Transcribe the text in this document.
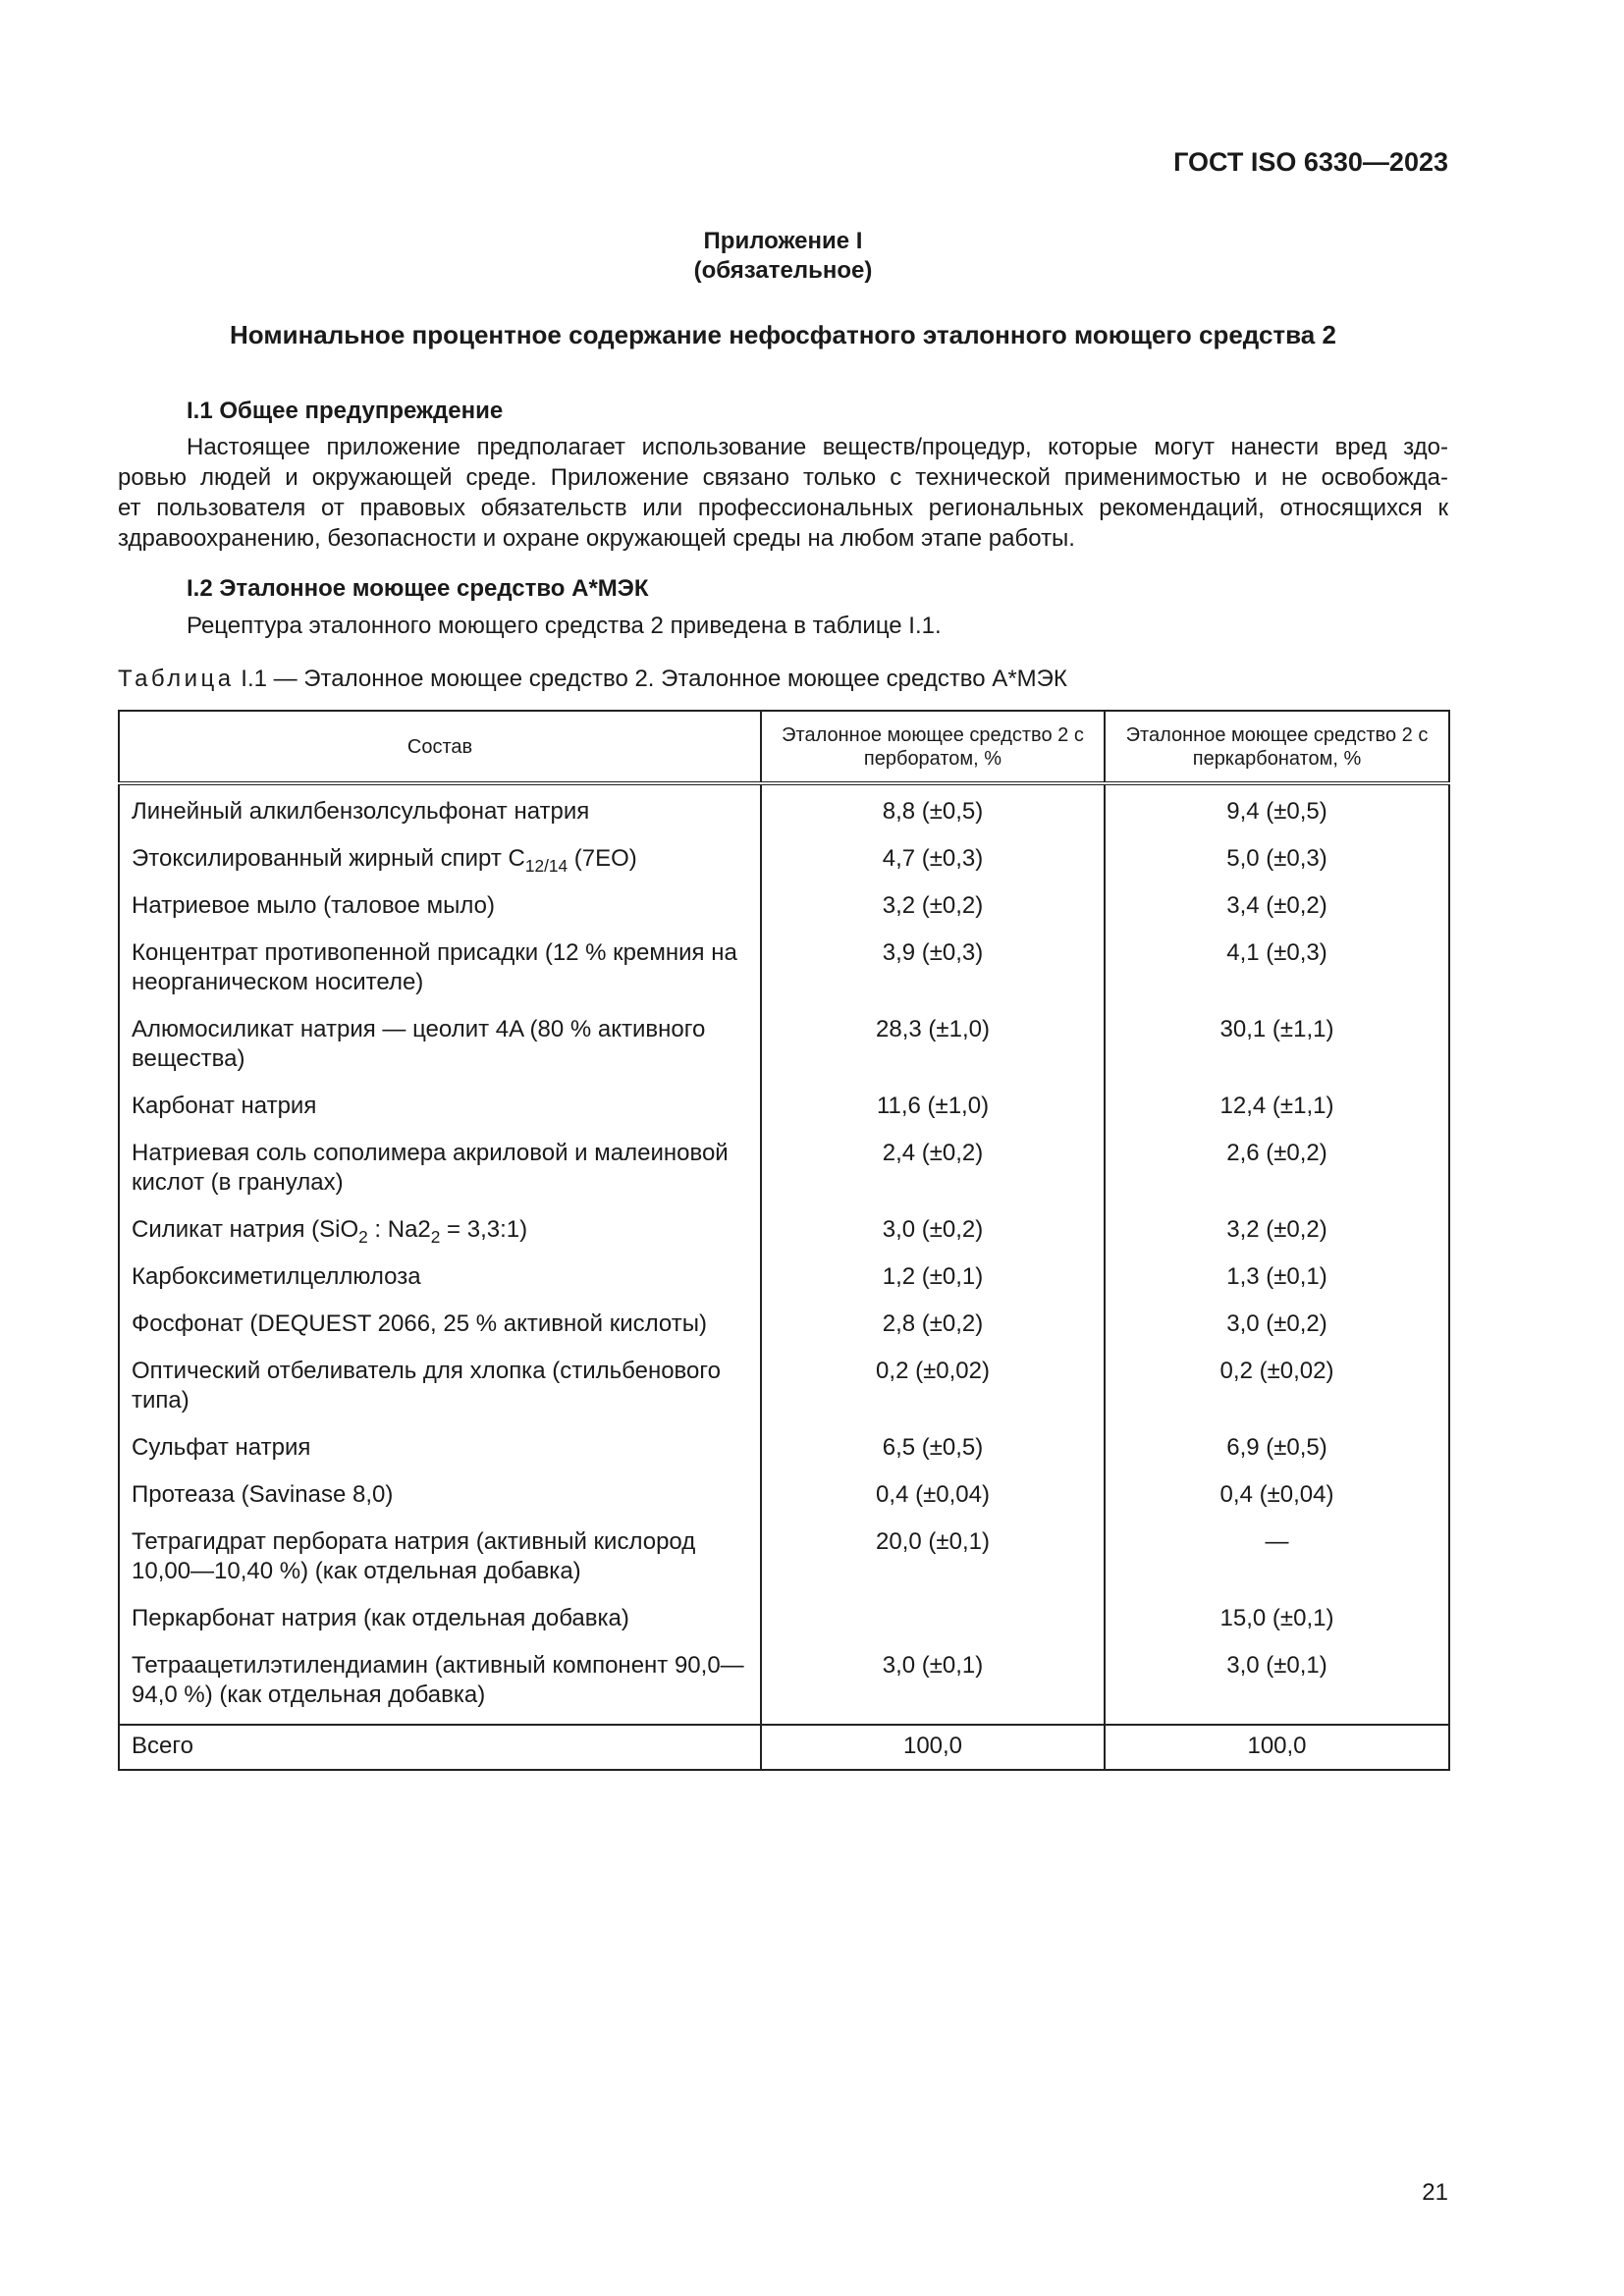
ГОСТ ISO 6330—2023
Приложение I
(обязательное)
Номинальное процентное содержание нефосфатного эталонного моющего средства 2
I.1 Общее предупреждение
Настоящее приложение предполагает использование веществ/процедур, которые могут нанести вред здо-
ровью людей и окружающей среде. Приложение связано только с технической применимостью и не освобожда-
ет пользователя от правовых обязательств или профессиональных региональных рекомендаций, относящихся к
здравоохранению, безопасности и охране окружающей среды на любом этапе работы.
I.2 Эталонное моющее средство A*МЭК
Рецептура эталонного моющего средства 2 приведена в таблице I.1.
Таблица I.1 — Эталонное моющее средство 2. Эталонное моющее средство A*МЭК
Состав	Эталонное моющее средство 2 с перборатом, %	Эталонное моющее средство 2 с перкарбонатом, %
Линейный алкилбензолсульфонат натрия	8,8 (±0,5)	9,4 (±0,5)
Этоксилированный жирный спирт $C_{12/14}$ (7EO)	4,7 (±0,3)	5,0 (±0,3)
Натриевое мыло (таловое мыло)	3,2 (±0,2)	3,4 (±0,2)
Концентрат противопенной присадки (12 % кремния на неорганическом носителе)	3,9 (±0,3)	4,1 (±0,3)
Алюмосиликат натрия — цеолит 4A (80 % активного вещества)	28,3 (±1,0)	30,1 (±1,1)
Карбонат натрия	11,6 (±1,0)	12,4 (±1,1)
Натриевая соль сополимера акриловой и малеиновой кислот (в гранулах)	2,4 (±0,2)	2,6 (±0,2)
Силикат натрия (SiO$_2$ : $Na2_2$ = 3,3:1)	3,0 (±0,2)	3,2 (±0,2)
Карбоксиметилцеллюлоза	1,2 (±0,1)	1,3 (±0,1)
Фосфонат (DEQUEST 2066, 25 % активной кислоты)	2,8 (±0,2)	3,0 (±0,2)
Оптический отбеливатель для хлопка (стильбенового типа)	0,2 (±0,02)	0,2 (±0,02)
Сульфат натрия	6,5 (±0,5)	6,9 (±0,5)
Протеаза (Savinase 8,0)	0,4 (±0,04)	0,4 (±0,04)
Тетрагидрат пербората натрия (активный кислород 10,00—10,40 %) (как отдельная добавка)	20,0 (±0,1)	—
Перкарбонат натрия (как отдельная добавка)		15,0 (±0,1)
Тетраацетилэтилендиамин (активный компонент 90,0—94,0 %) (как отдельная добавка)	3,0 (±0,1)	3,0 (±0,1)
Всего	100,0	100,0
21
